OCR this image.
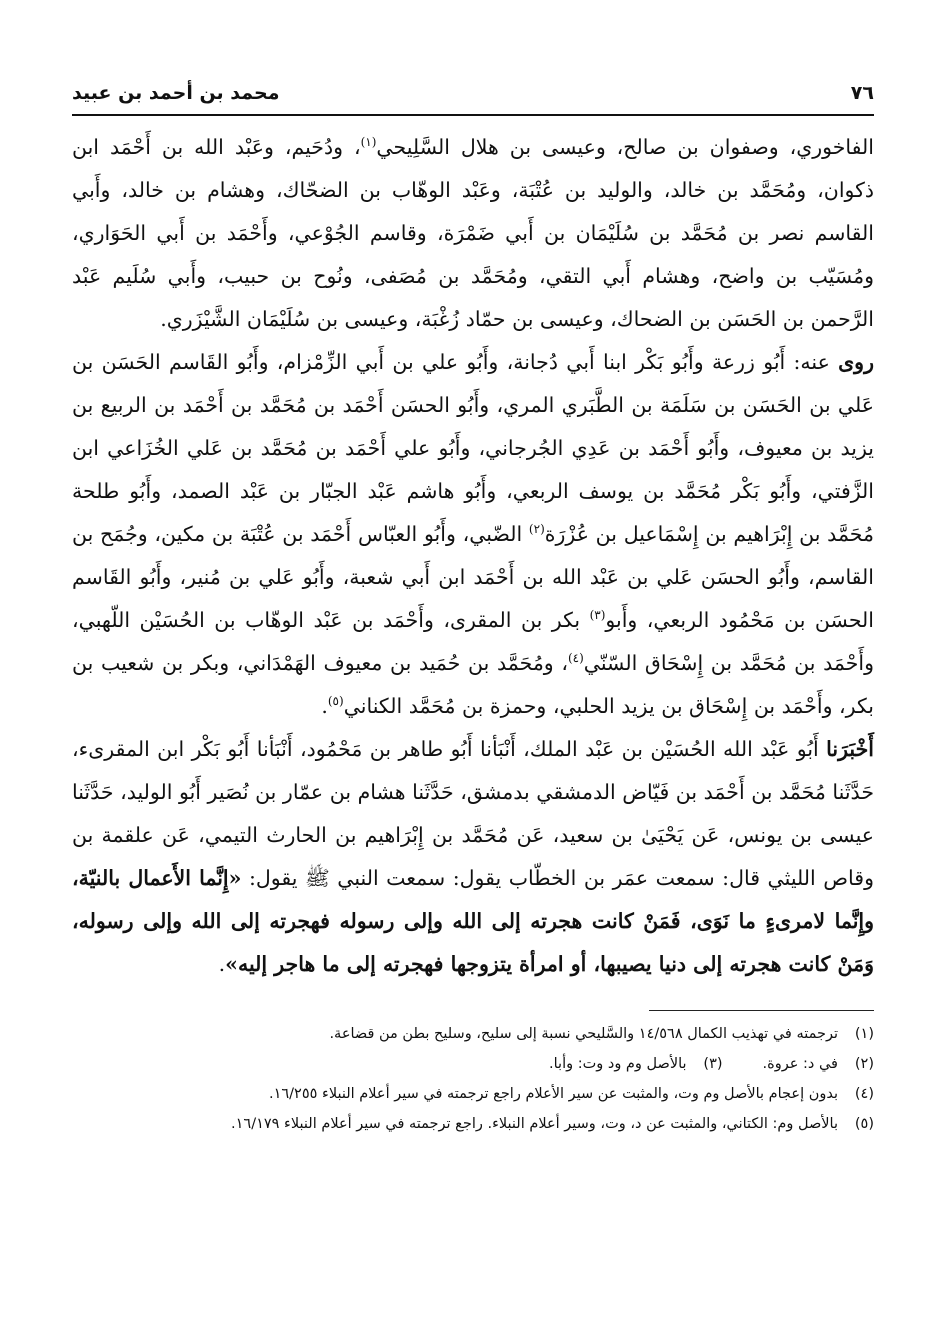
٧٦
محمد بن أحمد بن عبيد

الفاخوري، وصفوان بن صالح، وعيسى بن هلال السَّلِيحي$^{(١)}$، ودُحَيم، وعَبْد الله بن أَحْمَد ابن ذكوان، ومُحَمَّد بن خالد، والوليد بن عُتْبَة، وعَبْد الوهّاب بن الضحّاك، وهشام بن خالد، وأَبي القاسم نصر بن مُحَمَّد بن سُلَيْمَان بن أَبي ضَمْرَة، وقاسم الجُوْعي، وأَحْمَد بن أَبي الحَوَاري، ومُسَيّب بن واضح، وهشام أَبي التقي، ومُحَمَّد بن مُصَفى، ونُوح بن حبيب، وأَبي سُلَيم عَبْد الرَّحمن بن الحَسَن بن الضحاك، وعيسى بن حمّاد زُغْبَة، وعيسى بن سُلَيْمَان الشَّيْزَري.

روى عنه: أَبُو زرعة وأَبُو بَكْر ابنا أَبي دُجانة، وأَبُو علي بن أَبي الزِّمْزام، وأَبُو القَاسم الحَسَن بن عَلي بن الحَسَن بن سَلَمَة بن الطَّبَري المري، وأَبُو الحسَن أَحْمَد بن مُحَمَّد بن أَحْمَد بن الربيع بن يزيد بن معيوف، وأَبُو أَحْمَد بن عَدِي الجُرجاني، وأَبُو علي أَحْمَد بن مُحَمَّد بن عَلي الخُزَاعي ابن الزَّفتي، وأَبُو بَكْر مُحَمَّد بن يوسف الربعي، وأَبُو هاشم عَبْد الجبّار بن عَبْد الصمد، وأَبُو طلحة مُحَمَّد بن إِبْرَاهيم بن إِسْمَاعيل بن عُزْرَة$^{(٢)}$ الضّبي، وأَبُو العبّاس أَحْمَد بن عُتْبَة بن مكين، وجُمَح بن القاسم، وأَبُو الحسَن عَلي بن عَبْد الله بن أَحْمَد ابن أَبي شعبة، وأَبُو عَلي بن مُنير، وأَبُو القَاسم الحسَن بن مَحْمُود الربعي، وأَبو$^{(٣)}$ بكر بن المقرى، وأَحْمَد بن عَبْد الوهّاب بن الحُسَيْن اللّهبي، وأَحْمَد بن مُحَمَّد بن إِسْحَاق السّنّي$^{(٤)}$، ومُحَمَّد بن حُمَيد بن معيوف الهَمْدَاني، وبكر بن شعيب بن بكر، وأَحْمَد بن إِسْحَاق بن يزيد الحلبي، وحمزة بن مُحَمَّد الكناني$^{(٥)}$.

أَخْبَرَنا أَبُو عَبْد الله الحُسَيْن بن عَبْد الملك، أَنْبَأنا أَبُو طاهر بن مَحْمُود، أَنْبَأنا أَبُو بَكْر ابن المقرىء، حَدَّثَنا مُحَمَّد بن أَحْمَد بن فَيّاض الدمشقي بدمشق، حَدَّثَنا هشام بن عمّار بن نُصَير أَبُو الوليد، حَدَّثَنا عيسى بن يونس، عَن يَحْيَىٰ بن سعيد، عَن مُحَمَّد بن إِبْرَاهيم بن الحارث التيمي، عَن علقمة بن وقاص الليثي قال: سمعت عمَر بن الخطّاب يقول: سمعت النبي ﷺ يقول: «إِنَّما الأَعمال بالنيّة، وإِنَّما لامرىءٍ ما نَوَى، فَمَنْ كانت هجرته إلى الله وإلى رسوله فهجرته إلى الله وإلى رسوله، وَمَنْ كانت هجرته إلى دنيا يصيبها، أو امرأة يتزوجها فهجرته إلى ما هاجر إليه».

(١)
ترجمته في تهذيب الكمال ١٤/٥٦٨ والسَّليحي نسبة إلى سليح، وسليح بطن من قضاعة.
(٢)
في د: عروة.
(٣)
بالأصل وم ود وت: وأبا.
(٤)
بدون إعجام بالأصل وم وت، والمثبت عن سير الأعلام راجع ترجمته في سير أعلام النبلاء ١٦/٢٥٥.
(٥)
بالأصل وم: الكتاني، والمثبت عن د، وت، وسير أعلام النبلاء. راجع ترجمته في سير أعلام النبلاء ١٦/١٧٩.
